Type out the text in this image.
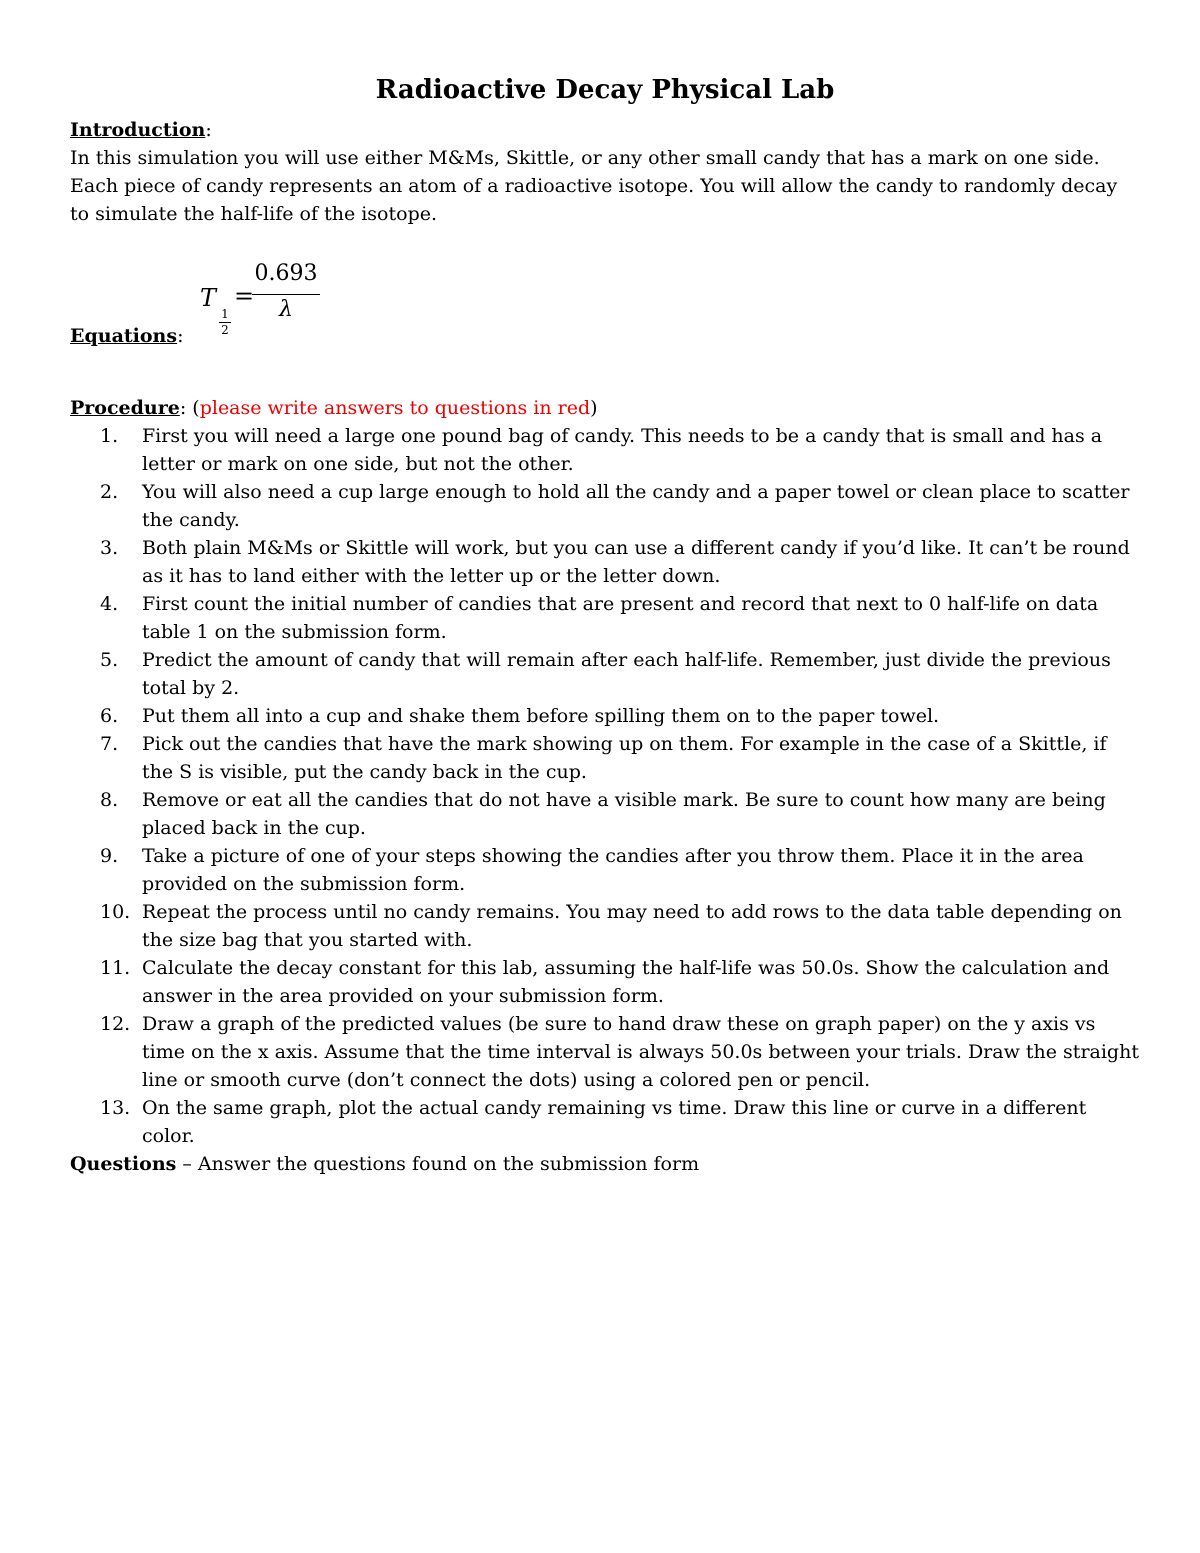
Radioactive Decay Physical Lab
Introduction:

In this simulation you will use either M&Ms, Skittle, or any other small candy that has a mark on one side. Each piece of candy represents an atom of a radioactive isotope. You will allow the candy to randomly decay to simulate the half-life of the isotope.

Equations:
T
1
2
=
0.693
λ
Procedure: (please write answers to questions in red)
1.	First you will need a large one pound bag of candy. This needs to be a candy that is small and has a letter or mark on one side, but not the other.
2.	You will also need a cup large enough to hold all the candy and a paper towel or clean place to scatter the candy.
3.	Both plain M&Ms or Skittle will work, but you can use a different candy if you’d like. It can’t be round as it has to land either with the letter up or the letter down.
4.	First count the initial number of candies that are present and record that next to 0 half-life on data table 1 on the submission form.
5.	Predict the amount of candy that will remain after each half-life. Remember, just divide the previous total by 2.
6.	Put them all into a cup and shake them before spilling them on to the paper towel.
7.	Pick out the candies that have the mark showing up on them. For example in the case of a Skittle, if the S is visible, put the candy back in the cup.
8.	Remove or eat all the candies that do not have a visible mark. Be sure to count how many are being placed back in the cup.
9.	Take a picture of one of your steps showing the candies after you throw them. Place it in the area provided on the submission form.
10. Repeat the process until no candy remains. You may need to add rows to the data table depending on the size bag that you started with.
11. Calculate the decay constant for this lab, assuming the half-life was 50.0s. Show the calculation and answer in the area provided on your submission form.
12. Draw a graph of the predicted values (be sure to hand draw these on graph paper) on the y axis vs time on the x axis. Assume that the time interval is always 50.0s between your trials. Draw the straight line or smooth curve (don’t connect the dots) using a colored pen or pencil.
13. On the same graph, plot the actual candy remaining vs time. Draw this line or curve in a different color.
Questions – Answer the questions found on the submission form
